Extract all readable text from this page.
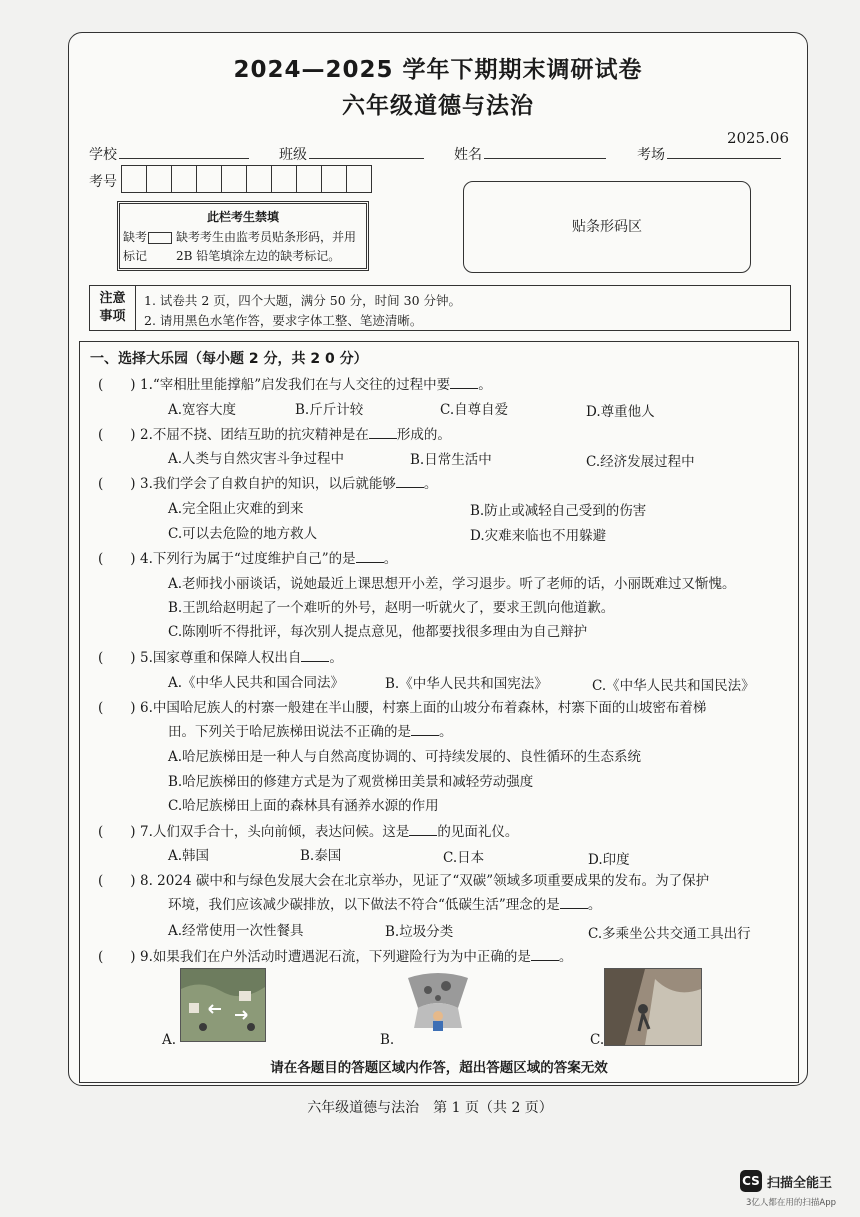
2024—2025 学年下期期末调研试卷
六年级道德与法治
2025.06
学校	班级	姓名	考场
考号
此栏考生禁填
缺考
标记
缺考考生由监考员贴条形码，并用
2B 铅笔填涂左边的缺考标记。
贴条形码区
注意
事项
1. 试卷共 2 页，四个大题，满分 50 分，时间 30 分钟。
2. 请用黑色水笔作答，要求字体工整、笔迹清晰。
一、选择大乐园（每小题 2 分，共 2 0 分）
(　　 ) 1.“宰相肚里能撑船”启发我们在与人交往的过程中要 。
A.宽容大度	B.斤斤计较	C.自尊自爱	D.尊重他人
(　　 ) 2.不屈不挠、团结互助的抗灾精神是在 形成的。
A.人类与自然灾害斗争过程中	B.日常生活中	C.经济发展过程中
(　　 ) 3.我们学会了自救自护的知识，以后就能够 。
A.完全阻止灾难的到来	B.防止或减轻自己受到的伤害
C.可以去危险的地方救人	D.灾难来临也不用躲避
(　　 ) 4.下列行为属于“过度维护自己”的是 。
A.老师找小丽谈话，说她最近上课思想开小差，学习退步。听了老师的话，小丽既难过又惭愧。
B.王凯给赵明起了一个难听的外号，赵明一听就火了，要求王凯向他道歉。
C.陈刚听不得批评，每次别人提点意见，他都要找很多理由为自己辩护
(　　 ) 5.国家尊重和保障人权出自 。
A.《中华人民共和国合同法》	B.《中华人民共和国宪法》	C.《中华人民共和国民法》
(　　 ) 6.中国哈尼族人的村寨一般建在半山腰，村寨上面的山坡分布着森林，村寨下面的山坡密布着梯
田。下列关于哈尼族梯田说法不正确的是 。
A.哈尼族梯田是一种人与自然高度协调的、可持续发展的、良性循环的生态系统
B.哈尼族梯田的修建方式是为了观赏梯田美景和减轻劳动强度
C.哈尼族梯田上面的森林具有涵养水源的作用
(　　 ) 7.人们双手合十，头向前倾，表达问候。这是 的见面礼仪。
A.韩国	B.泰国	C.日本	D.印度
(　　 ) 8. 2024 碳中和与绿色发展大会在北京举办，见证了“双碳”领域多项重要成果的发布。为了保护
环境，我们应该减少碳排放，以下做法不符合“低碳生活”理念的是 。
A.经常使用一次性餐具	B.垃圾分类	C.多乘坐公共交通工具出行
(　　 ) 9.如果我们在户外活动时遭遇泥石流，下列避险行为为中正确的是 。
A.	B.	C.
请在各题目的答题区域内作答，超出答题区域的答案无效
六年级道德与法治　第 1 页（共 2 页）
CS 扫描全能王
3亿人都在用的扫描App
